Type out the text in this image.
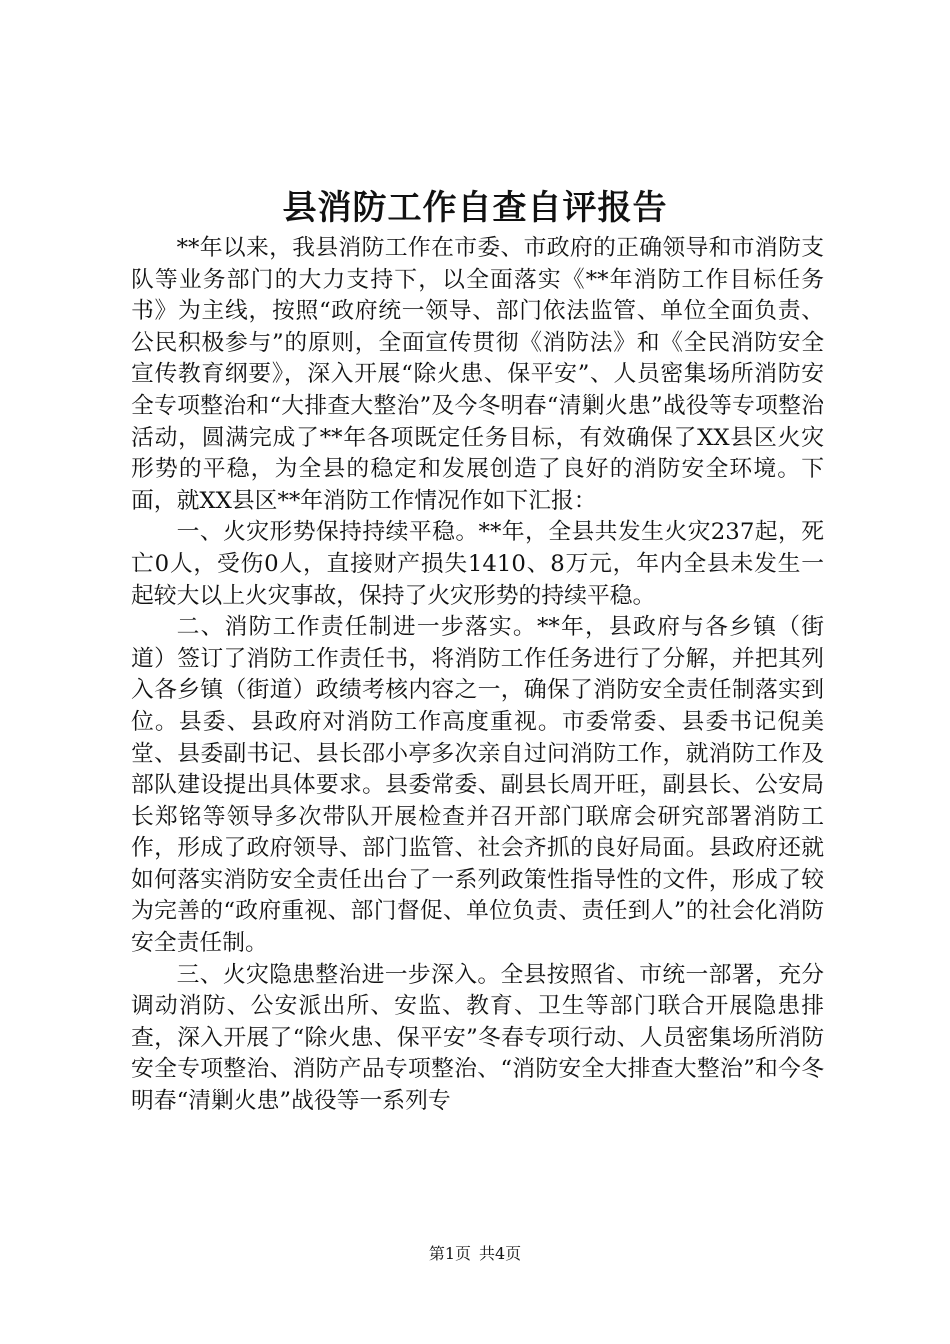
县消防工作自查自评报告

**年以来，我县消防工作在市委、市政府的正确领导和市消防支队等业务部门的大力支持下，以全面落实《**年消防工作目标任务书》为主线，按照“政府统一领导、部门依法监管、单位全面负责、公民积极参与”的原则，全面宣传贯彻《消防法》和《全民消防安全宣传教育纲要》，深入开展“除火患、保平安”、人员密集场所消防安全专项整治和“大排查大整治”及今冬明春“清剿火患”战役等专项整治活动，圆满完成了**年各项既定任务目标，有效确保了XX县区火灾形势的平稳，为全县的稳定和发展创造了良好的消防安全环境。下面，就XX县区**年消防工作情况作如下汇报：

一、火灾形势保持持续平稳。**年，全县共发生火灾237起，死亡0人，受伤0人，直接财产损失1410、8万元，年内全县未发生一起较大以上火灾事故，保持了火灾形势的持续平稳。

二、消防工作责任制进一步落实。**年，县政府与各乡镇（街道）签订了消防工作责任书，将消防工作任务进行了分解，并把其列入各乡镇（街道）政绩考核内容之一，确保了消防安全责任制落实到位。县委、县政府对消防工作高度重视。市委常委、县委书记倪美堂、县委副书记、县长邵小亭多次亲自过问消防工作，就消防工作及部队建设提出具体要求。县委常委、副县长周开旺，副县长、公安局长郑铭等领导多次带队开展检查并召开部门联席会研究部署消防工作，形成了政府领导、部门监管、社会齐抓的良好局面。县政府还就如何落实消防安全责任出台了一系列政策性指导性的文件，形成了较为完善的“政府重视、部门督促、单位负责、责任到人”的社会化消防安全责任制。

三、火灾隐患整治进一步深入。全县按照省、市统一部署，充分调动消防、公安派出所、安监、教育、卫生等部门联合开展隐患排查，深入开展了“除火患、保平安”冬春专项行动、人员密集场所消防安全专项整治、消防产品专项整治、“消防安全大排查大整治”和今冬明春“清剿火患”战役等一系列专

第1页 共4页
